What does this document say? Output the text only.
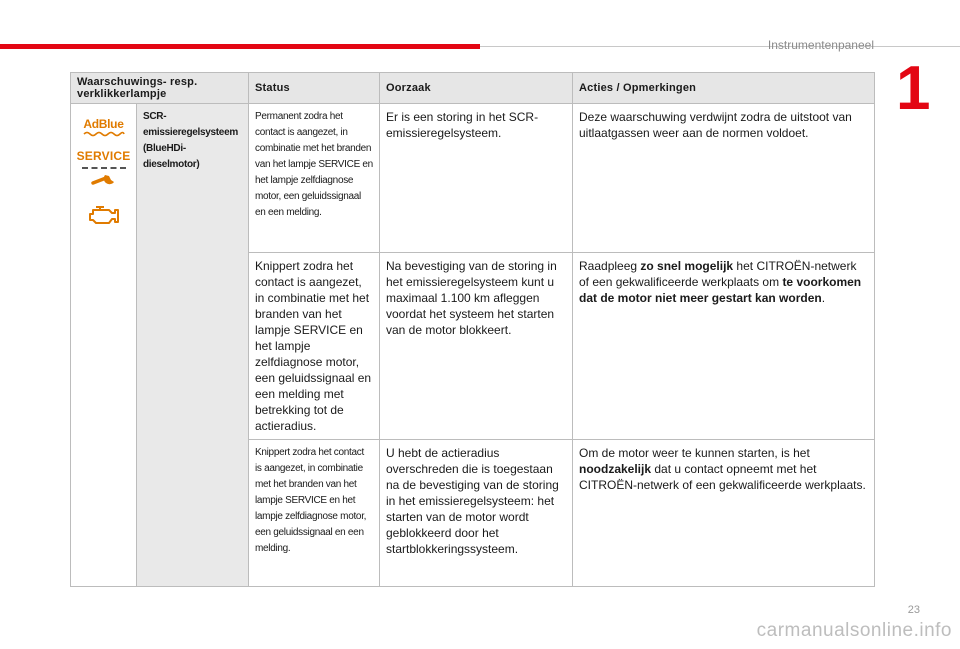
Instrumentenpaneel
1
Waarschuwings- resp. verklikkerlampje		Status	Oorzaak	Acties / Opmerkingen

AdBlue
SERVICE	SCR-emissieregelsysteem (BlueHDi-dieselmotor)	Permanent zodra het contact is aangezet, in combinatie met het branden van het lampje SERVICE en het lampje zelfdiagnose motor, een geluidssignaal en een melding.	Er is een storing in het SCR-emissieregelsysteem.	Deze waarschuwing verdwijnt zodra de uitstoot van uitlaatgassen weer aan de normen voldoet.
		Knippert zodra het contact is aangezet, in combinatie met het branden van het lampje SERVICE en het lampje zelfdiagnose motor, een geluidssignaal en een melding met betrekking tot de actieradius.	Na bevestiging van de storing in het emissieregelsysteem kunt u maximaal 1.100 km afleggen voordat het systeem het starten van de motor blokkeert.	Raadpleeg zo snel mogelijk het CITROËN-netwerk of een gekwalificeerde werkplaats om te voorkomen dat de motor niet meer gestart kan worden.
		Knippert zodra het contact is aangezet, in combinatie met het branden van het lampje SERVICE en het lampje zelfdiagnose motor, een geluidssignaal en een melding.	U hebt de actieradius overschreden die is toegestaan na de bevestiging van de storing in het emissieregelsysteem: het starten van de motor wordt geblokkeerd door het startblokkeringssysteem.	Om de motor weer te kunnen starten, is het noodzakelijk dat u contact opneemt met het CITROËN-netwerk of een gekwalificeerde werkplaats.
23
carmanualsonline.info
